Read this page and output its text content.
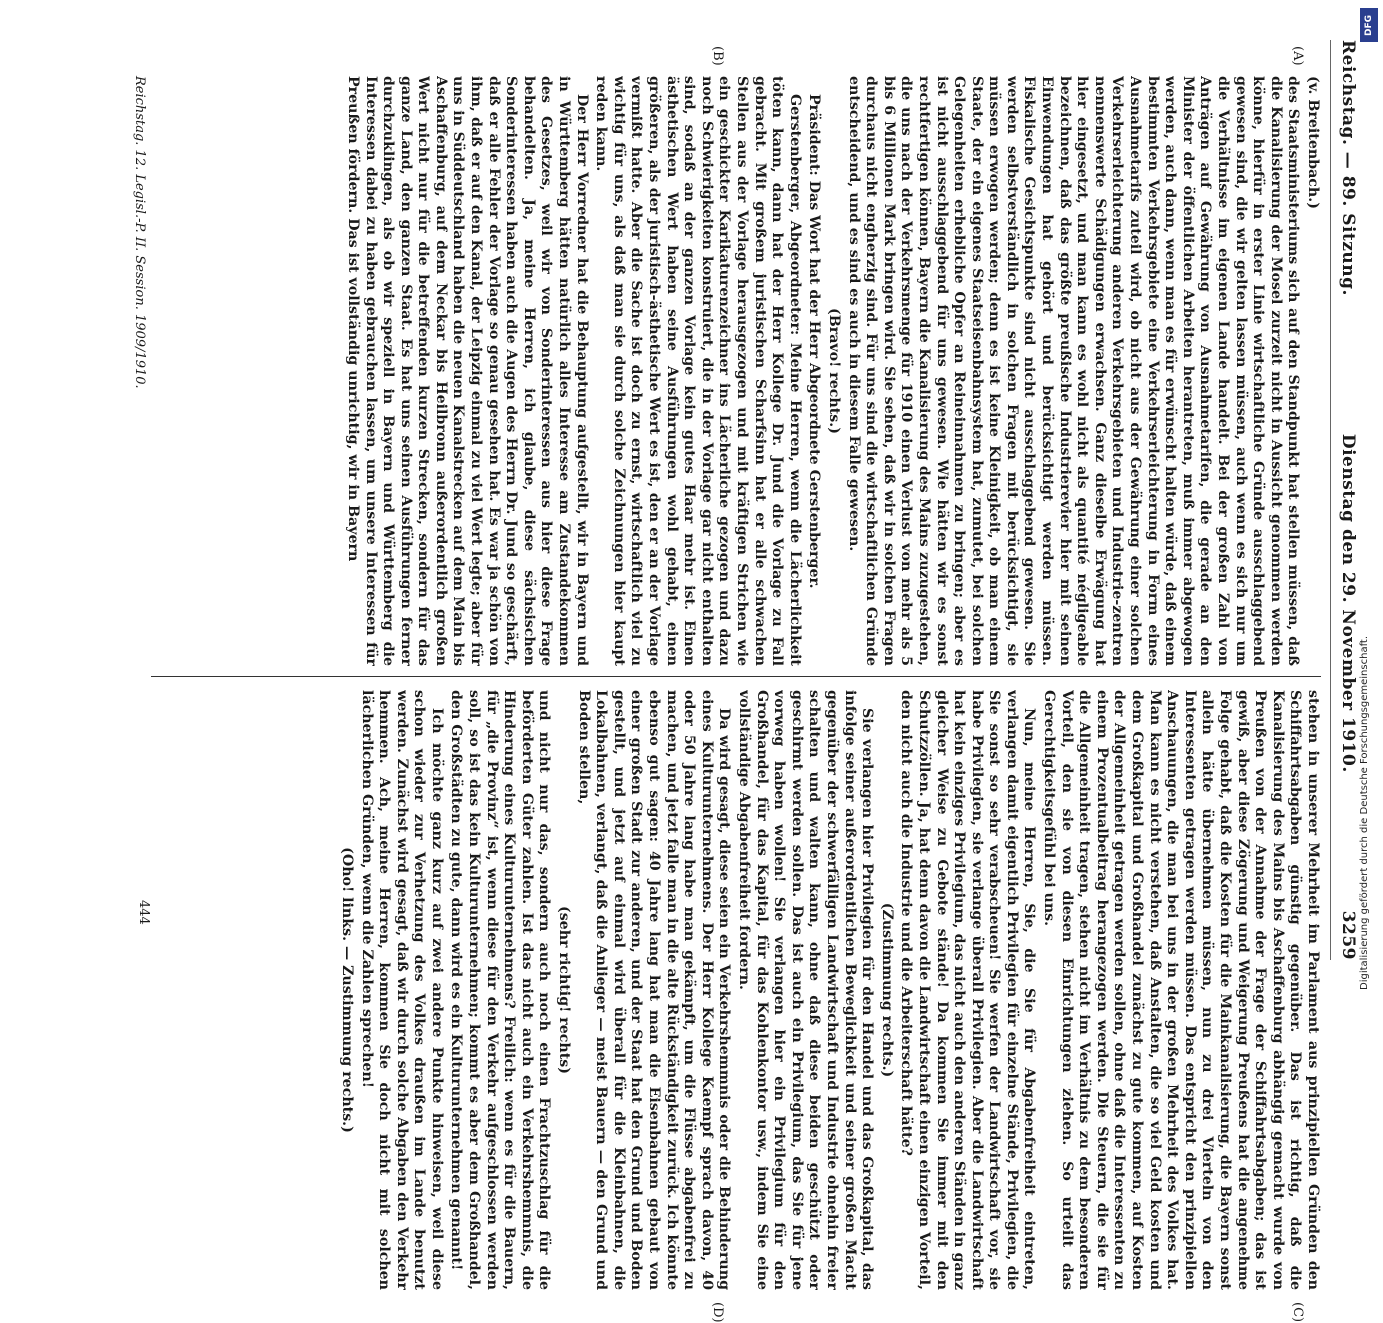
Reichstag. — 89. Sitzung.
Dienstag den 29. November 1910.
3259
(A)
(B)
(C)
(D)

(v. Breitenbach.)

des Staatsministeriums sich auf den Standpunkt hat stellen müssen, daß die Kanalisierung der Mosel zurzeit nicht in Aussicht genommen werden könne, hierfür in erster Linie wirtschaftliche Gründe ausschlaggebend gewesen sind, die wir gelten lassen müssen, auch wenn es sich nur um die Verhältnisse im eigenen Lande handelt. Bei der großen Zahl von Anträgen auf Gewährung von Ausnahmetarifen, die gerade an den Minister der öffentlichen Arbeiten herantreten, muß immer abgewogen werden, auch dann, wenn man es für erwünscht halten würde, daß einem bestimmten Verkehrsgebiete eine Verkehrserleichterung in Form eines Ausnahmetarifs zuteil wird, ob nicht aus der Gewährung einer solchen Verkehrserleichterung anderen Verkehrsgebieten und Industrie-zentren nennenswerte Schädigungen erwachsen. Ganz dieselbe Erwägung hat hier eingesetzt, und man kann es wohl nicht als quantité négligeable bezeichnen, daß das größte preußische Industrierevier hier mit seinen Einwendungen hat gehört und berücksichtigt werden müssen. Fiskalische Gesichtspunkte sind nicht ausschlaggebend gewesen. Sie werden selbstverständlich in solchen Fragen mit berücksichtigt, sie müssen erwogen werden; denn es ist keine Kleinigkeit, ob man einem Staate, der ein eigenes Staatseisenbahnsystem hat, zumutet, bei solchen Gelegenheiten erhebliche Opfer an Reineinnahmen zu bringen; aber es ist nicht ausschlaggebend für uns gewesen. Wie hätten wir es sonst rechtfertigen können, Bayern die Kanalisierung des Mains zuzugestehen, die uns nach der Verkehrsmenge für 1910 einen Verlust von mehr als 5 bis 6 Millionen Mark bringen wird. Sie sehen, daß wir in solchen Fragen durchaus nicht engherzig sind. Für uns sind die wirtschaftlichen Gründe entscheidend, und es sind es auch in diesem Falle gewesen.

(Bravo! rechts.)

Präsident: Das Wort hat der Herr Abgeordnete Gerstenberger.

Gerstenberger, Abgeordneter: Meine Herren, wenn die Lächerlichkeit töten kann, dann hat der Herr Kollege Dr. Jund die Vorlage zu Fall gebracht. Mit großem juristischen Scharfsinn hat er alle schwachen Stellen aus der Vorlage herausgezogen und mit kräftigen Strichen wie ein geschickter Karikaturenzeichner ins Lächerliche gezogen und dazu noch Schwierigkeiten konstruiert, die in der Vorlage gar nicht enthalten sind, sodaß an der ganzen Vorlage kein gutes Haar mehr ist. Einen ästhetischen Wert haben seine Ausführungen wohl gehabt, einen größeren, als der juristisch-ästhetische Wert es ist, den er an der Vorlage vermißt hatte. Aber die Sache ist doch zu ernst, wirtschaftlich viel zu wichtig für uns, als daß man sie durch solche Zeichnungen hier kaupt reden kann.

Der Herr Vorredner hat die Behauptung aufgestellt, wir in Bayern und in Württemberg hätten natürlich alles Interesse am Zustandekommen des Gesetzes, weil wir von Sonderinteressen aus hier diese Frage behandelten. Ja, meine Herren, ich glaube, diese sächsischen Sonderinteressen haben auch die Augen des Herrn Dr. Jund so geschärft, daß er alle Fehler der Vorlage so genau gesehen hat. Es war ja schön von ihm, daß er auf den Kanal, der Leipzig einmal zu viel Wert legte; aber für uns in Süddeutschland haben die neuen Kanalstrecken auf dem Main bis Aschaffenburg, auf dem Neckar bis Heilbronn außerordentlich großen Wert nicht nur für die betreffenden kurzen Strecken, sondern für das ganze Land, den ganzen Staat. Es hat uns seinen Ausführungen ferner durchzuklingen, als ob wir speziell in Bayern und Württemberg die Interessen dabei zu haben gebrauchen lassen, um unsere Interessen für Preußen fördern. Das ist vollständig unrichtig, wir in Bayern

stehen in unserer Mehrheit im Parlament aus prinzipiellen Gründen den Schiffahrtsabgaben günstig gegenüber. Das ist richtig, daß die Kanalisierung des Mains bis Aschaffenburg abhängig gemacht wurde von Preußen von der Annahme der Frage der Schiffahrtsabgaben; das ist gewiß, aber diese Zögerung und Weigerung Preußens hat die angenehme Folge gehabt, daß die Kosten für die Mainkanalisierung, die Bayern sonst allein hätte übernehmen müssen, nun zu drei Vierteln von den Interessenten getragen werden müssen. Das entspricht den prinzipiellen Anschauungen, die man bei uns in der großen Mehrheit des Volkes hat. Man kann es nicht verstehen, daß Anstalten, die so viel Geld kosten und dem Großkapital und Großhandel zunächst zu gute kommen, auf Kosten der Allgemeinheit getragen werden sollen, ohne daß die Interessenten zu einem Prozentualbeitrag herangezogen werden. Die Steuern, die sie für die Allgemeinheit tragen, stehen nicht im Verhältnis zu dem besonderen Vorteil, den sie von diesen Einrichtungen ziehen. So urteilt das Gerechtigkeitsgefühl bei uns.

Nun, meine Herren, Sie, die Sie für Abgabenfreiheit eintreten, verlangen damit eigentlich Privilegien für einzelne Stände, Privilegien, die Sie sonst so sehr verabscheuen! Sie werfen der Landwirtschaft vor, sie habe Privilegien, sie verlange überall Privilegien. Aber die Landwirtschaft hat kein einziges Privilegium, das nicht auch den anderen Ständen in ganz gleicher Weise zu Gebote stände! Da kommen Sie immer mit den Schutzzöllen. Ja, hat denn davon die Landwirtschaft einen einzigen Vorteil, den nicht auch die Industrie und die Arbeiterschaft hätte?

(Zustimmung rechts.)

Sie verlangen hier Privilegien für den Handel und das Großkapital, das infolge seiner außerordentlichen Beweglichkeit und seiner großen Macht gegenüber der schwerfälligen Landwirtschaft und Industrie ohnehin freier schalten und walten kann, ohne daß diese beiden geschützt oder geschirmt werden sollen. Das ist auch ein Privilegium, das Sie für jene vorweg haben wollen! Sie verlangen hier ein Privilegium für den Großhandel, für das Kapital, für das Kohlenkontor usw., indem Sie eine vollständige Abgabenfreiheit fordern.

Da wird gesagt, diese seien ein Verkehrshemmnis oder die Behinderung eines Kulturunternehmens. Der Herr Kollege Kaempf sprach davon, 40 oder 50 Jahre lang habe man gekämpft, um die Flüsse abgabenfrei zu machen, und jetzt falle man in die alte Rückständigkeit zurück. Ich könnte ebenso gut sagen: 40 Jahre lang hat man die Eisenbahnen gebaut von einer großen Stadt zur anderen, und der Staat hat den Grund und Boden gestellt, und jetzt auf einmal wird überall für die Kleinbahnen, die Lokalbahnen, verlangt, daß die Anlieger — meist Bauern — den Grund und Boden stellen,

(sehr richtig! rechts)

und nicht nur das, sondern auch noch einen Frachtzuschlag für die beförderten Güter zahlen. Ist das nicht auch ein Verkehrshemmnis, die Hinderung eines Kulturunternehmens? Freilich: wenn es für die Bauern, für „die Provinz“ ist, wenn diese für den Verkehr aufgeschlossen werden soll, so ist das kein Kulturunternehmen; kommt es aber dem Großhandel, den Großstädten zu gute, dann wird es ein Kulturunternehmen genannt!

Ich möchte ganz kurz auf zwei andere Punkte hinweisen, weil diese schon wieder zur Verhetzung des Volkes draußen im Lande benutzt werden. Zunächst wird gesagt, daß wir durch solche Abgaben den Verkehr hemmen. Ach, meine Herren, kommen Sie doch nicht mit solchen lächerlichen Gründen, wenn die Zahlen sprechen!

(Oho! links. — Zustimmung rechts.)

Reichstag. 12. Legisl.-P. II. Session. 1909/1910.
444
DFG
Digitalisierung gefördert durch die Deutsche Forschungsgemeinschaft.
